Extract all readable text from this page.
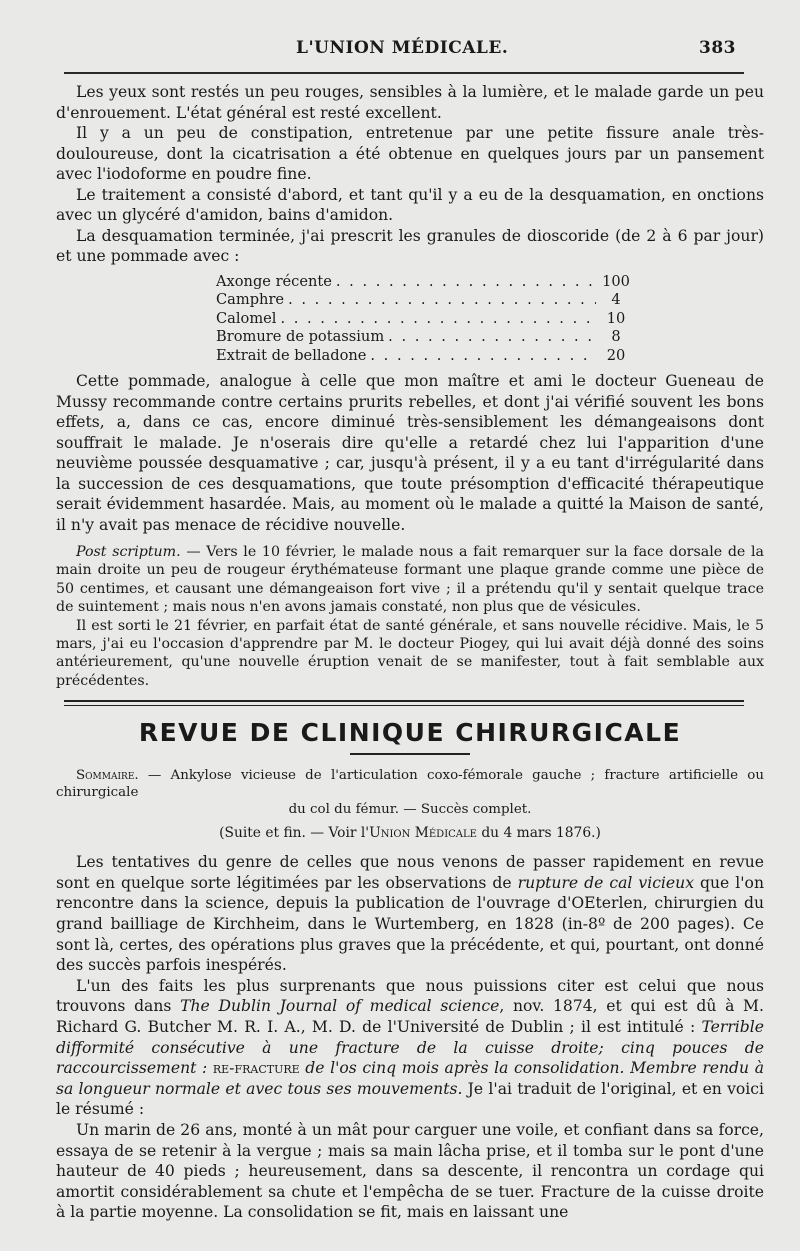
L'UNION MÉDICALE.	383

Les yeux sont restés un peu rouges, sensibles à la lumière, et le malade garde un peu d'enrouement. L'état général est resté excellent.

Il y a un peu de constipation, entretenue par une petite fissure anale très-douloureuse, dont la cicatrisation a été obtenue en quelques jours par un pansement avec l'iodoforme en poudre fine.

Le traitement a consisté d'abord, et tant qu'il y a eu de la desquamation, en onctions avec un glycéré d'amidon, bains d'amidon.

La desquamation terminée, j'ai prescrit les granules de dioscoride (de 2 à 6 par jour) et une pommade avec :

Axonge récente . . .	100
Camphre . . .	4
Calomel . . .	10
Bromure de potassium . . .	8
Extrait de belladone . . .	20

Cette pommade, analogue à celle que mon maître et ami le docteur Gueneau de Mussy recommande contre certains prurits rebelles, et dont j'ai vérifié souvent les bons effets, a, dans ce cas, encore diminué très-sensiblement les démangeaisons dont souffrait le malade. Je n'oserais dire qu'elle a retardé chez lui l'apparition d'une neuvième poussée desquamative ; car, jusqu'à présent, il y a eu tant d'irrégularité dans la succession de ces desquamations, que toute présomption d'efficacité thérapeutique serait évidemment hasardée. Mais, au moment où le malade a quitté la Maison de santé, il n'y avait pas menace de récidive nouvelle.

Post scriptum. — Vers le 10 février, le malade nous a fait remarquer sur la face dorsale de la main droite un peu de rougeur érythémateuse formant une plaque grande comme une pièce de 50 centimes, et causant une démangeaison fort vive ; il a prétendu qu'il y sentait quelque trace de suintement ; mais nous n'en avons jamais constaté, non plus que de vésicules.

Il est sorti le 21 février, en parfait état de santé générale, et sans nouvelle récidive. Mais, le 5 mars, j'ai eu l'occasion d'apprendre par M. le docteur Piogey, qui lui avait déjà donné des soins antérieurement, qu'une nouvelle éruption venait de se manifester, tout à fait semblable aux précédentes.

REVUE DE CLINIQUE CHIRURGICALE
Sommaire. — Ankylose vicieuse de l'articulation coxo-fémorale gauche ; fracture artificielle ou chirurgicale
du col du fémur. — Succès complet.
(Suite et fin. — Voir l'Union Médicale du 4 mars 1876.)

Les tentatives du genre de celles que nous venons de passer rapidement en revue sont en quelque sorte légitimées par les observations de rupture de cal vicieux que l'on rencontre dans la science, depuis la publication de l'ouvrage d'OEterlen, chirurgien du grand bailliage de Kirchheim, dans le Wurtemberg, en 1828 (in-8º de 200 pages). Ce sont là, certes, des opérations plus graves que la précédente, et qui, pourtant, ont donné des succès parfois inespérés.

L'un des faits les plus surprenants que nous puissions citer est celui que nous trouvons dans The Dublin Journal of medical science, nov. 1874, et qui est dû à M. Richard G. Butcher M. R. I. A., M. D. de l'Université de Dublin ; il est intitulé : Terrible difformité consécutive à une fracture de la cuisse droite; cinq pouces de raccourcissement : re-fracture de l'os cinq mois après la consolidation. Membre rendu à sa longueur normale et avec tous ses mouvements. Je l'ai traduit de l'original, et en voici le résumé :

Un marin de 26 ans, monté à un mât pour carguer une voile, et confiant dans sa force, essaya de se retenir à la vergue ; mais sa main lâcha prise, et il tomba sur le pont d'une hauteur de 40 pieds ; heureusement, dans sa descente, il rencontra un cordage qui amortit considérablement sa chute et l'empêcha de se tuer. Fracture de la cuisse droite à la partie moyenne. La consolidation se fit, mais en laissant une
